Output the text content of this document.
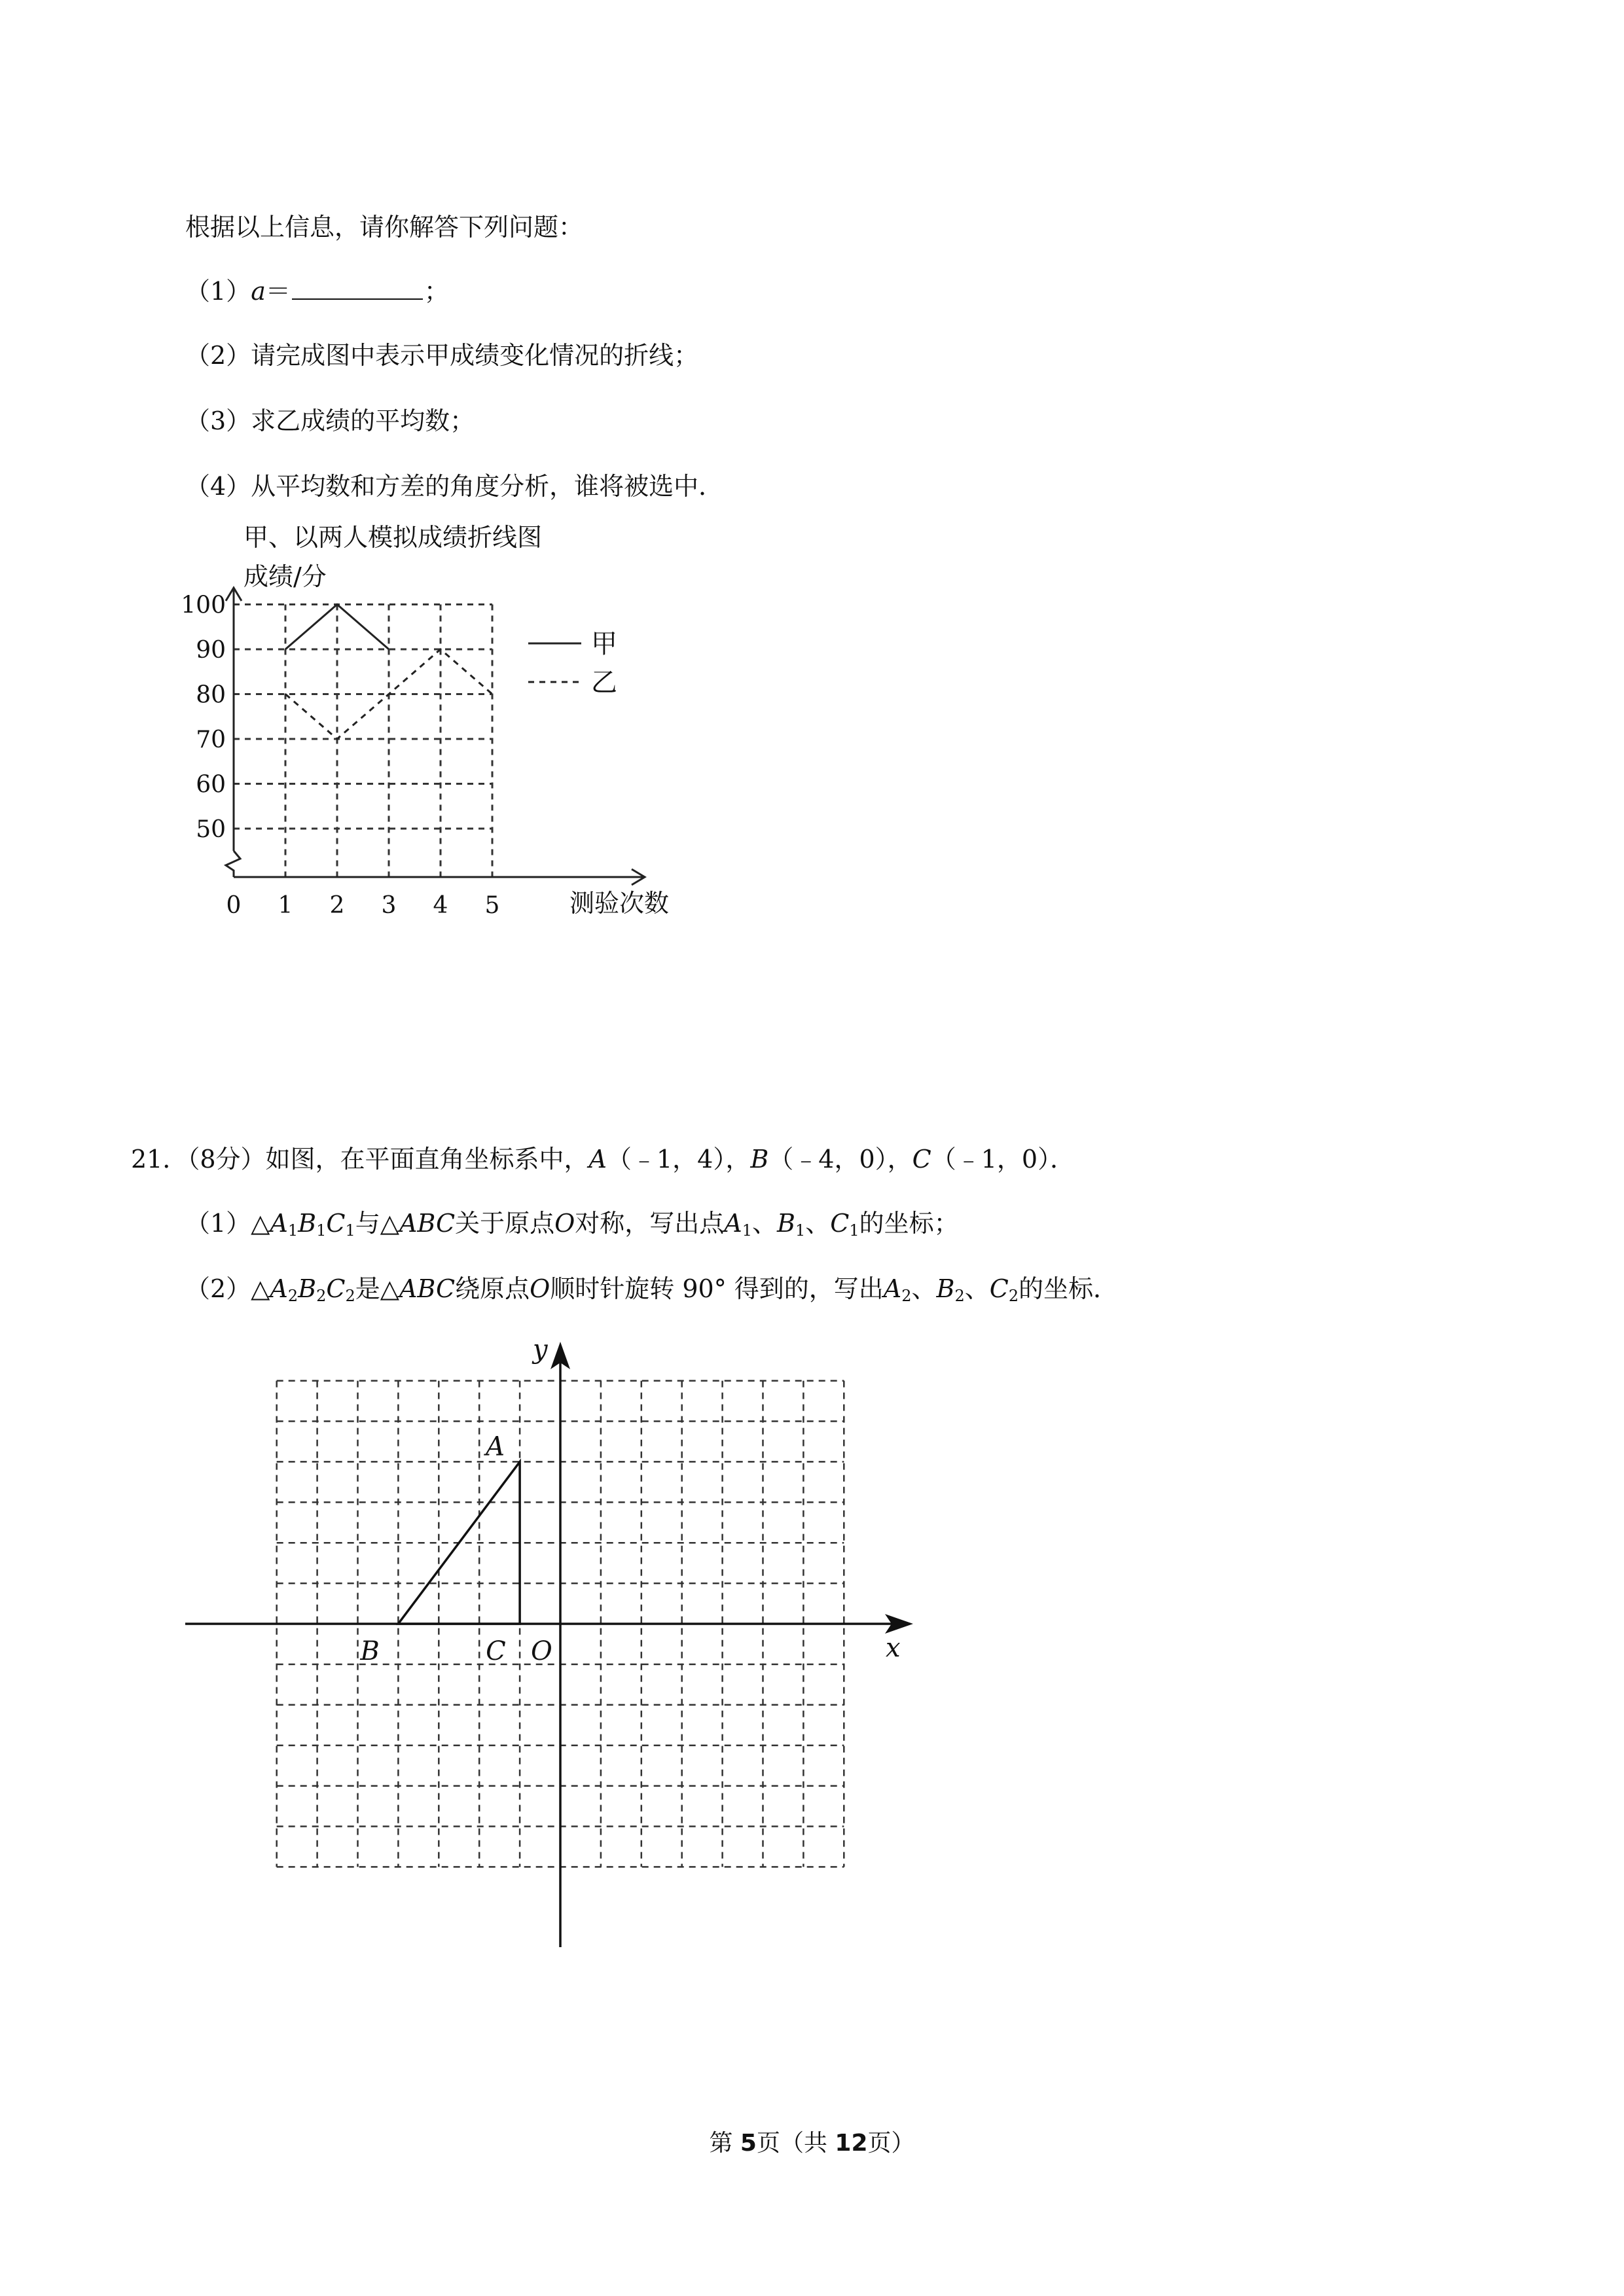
根据以上信息，请你解答下列问题：
（1）a＝	；
（2）请完成图中表示甲成绩变化情况的折线；
（3）求乙成绩的平均数；
（4）从平均数和方差的角度分析，谁将被选中．
甲、以两人模拟成绩折线图
成绩/分
测验次数
50
60
70
80
90
100
0 1 2 3 4 5
甲
乙
21．（8分）如图，在平面直角坐标系中，A（﹣1，4），B（﹣4，0），C（﹣1，0）．
$(1)\triangle A_1B_1C_1$与△ABC关于原点O对称，写出点$A_1$、$B_1$、$C_1$的坐标；
$(2)\triangle A_2B_2C_2$是△ABC绕原点O顺时针旋转 90° 得到的，写出$A_2$、$B_2$、$C_2$的坐标．
A
B	C O	x
y
第 5页（共 12页）
